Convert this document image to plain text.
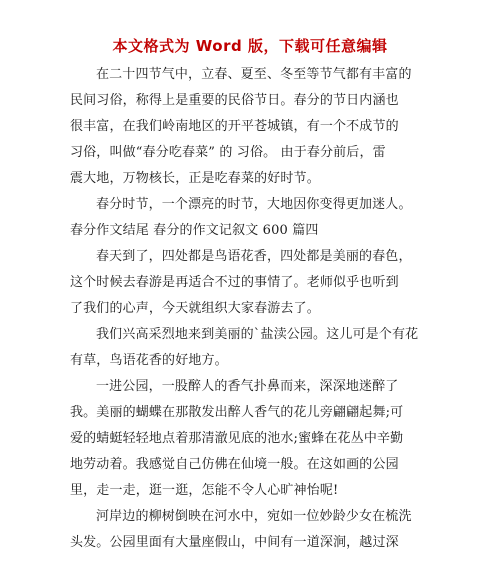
本文格式为 Word 版，下载可任意编辑
在二十四节气中，立春、夏至、冬至等节气都有丰富的
民间习俗，称得上是重要的民俗节日。春分的节日内涵也
很丰富，在我们岭南地区的开平苍城镇，有一个不成节的
习俗，叫做“春分吃春菜” 的 习俗。 由于春分前后，雷
震大地，万物核长，正是吃春菜的好时节。
春分时节，一个漂亮的时节，大地因你变得更加迷人。
春分作文结尾 春分的作文记叙文 600 篇四
春天到了，四处都是鸟语花香，四处都是美丽的春色，
这个时候去春游是再适合不过的事情了。老师似乎也听到
了我们的心声，今天就组织大家春游去了。
我们兴高采烈地来到美丽的`盐渎公园。这儿可是个有花
有草，鸟语花香的好地方。
一进公园，一股醉人的香气扑鼻而来，深深地迷醉了
我。美丽的蝴蝶在那散发出醉人香气的花儿旁翩翩起舞;可
爱的蜻蜓轻轻地点着那清澈见底的池水;蜜蜂在花丛中辛勤
地劳动着。我感觉自己仿佛在仙境一般。在这如画的公园
里，走一走，逛一逛，怎能不令人心旷神怡呢!
河岸边的柳树倒映在河水中，宛如一位妙龄少女在梳洗
头发。公园里面有大量座假山，中间有一道深涧，越过深
